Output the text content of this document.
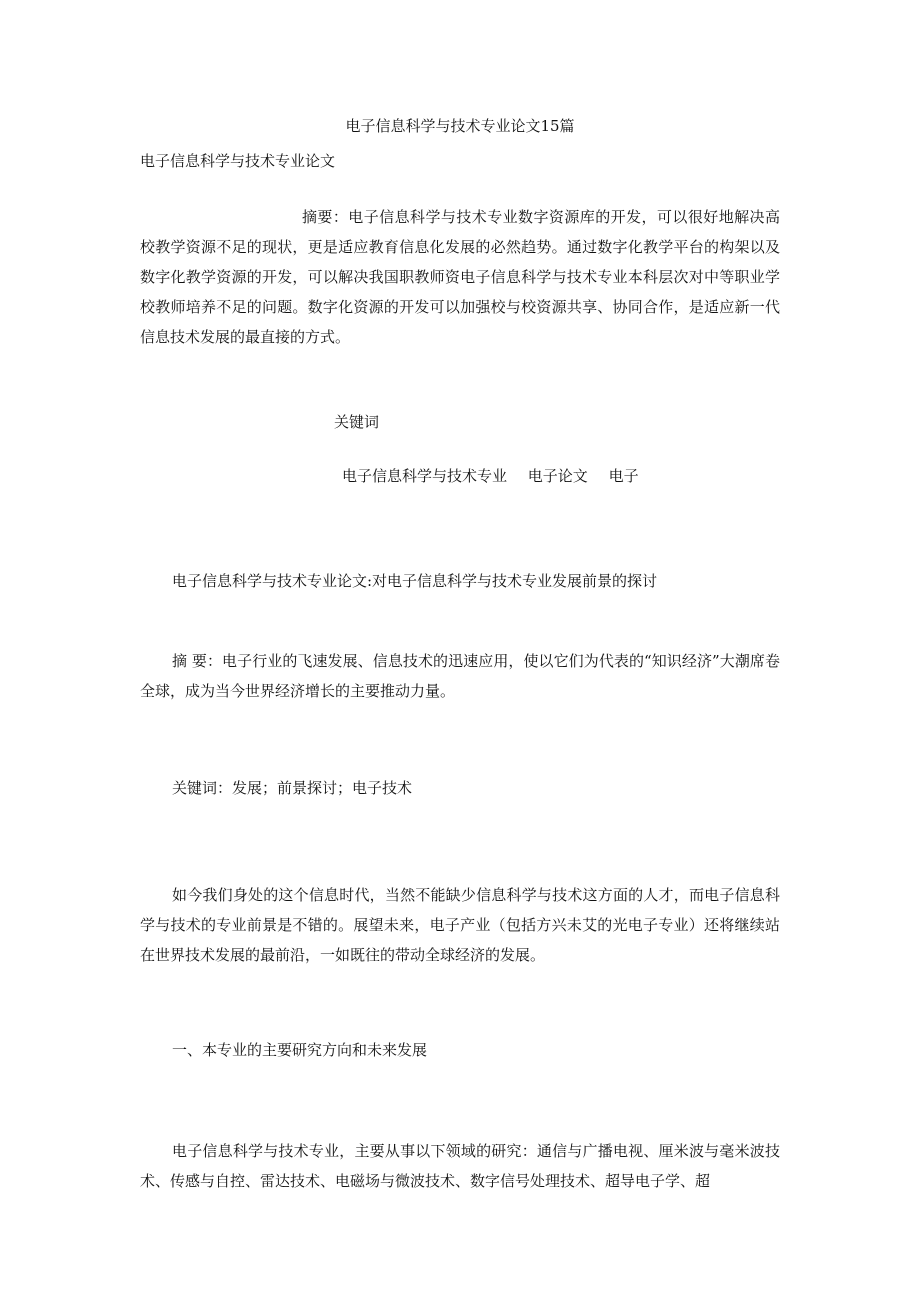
电子信息科学与技术专业论文15篇
电子信息科学与技术专业论文
摘要：电子信息科学与技术专业数字资源库的开发，可以很好地解决高校教学资源不足的现状，更是适应教育信息化发展的必然趋势。通过数字化教学平台的构架以及数字化教学资源的开发，可以解决我国职教师资电子信息科学与技术专业本科层次对中等职业学校教师培养不足的问题。数字化资源的开发可以加强校与校资源共享、协同合作，是适应新一代信息技术发展的最直接的方式。
关键词
电子信息科学与技术专业 电子论文 电子
电子信息科学与技术专业论文:对电子信息科学与技术专业发展前景的探讨
摘 要：电子行业的飞速发展、信息技术的迅速应用，使以它们为代表的“知识经济”大潮席卷全球，成为当今世界经济增长的主要推动力量。
关键词：发展；前景探讨；电子技术
如今我们身处的这个信息时代，当然不能缺少信息科学与技术这方面的人才，而电子信息科学与技术的专业前景是不错的。展望未来，电子产业（包括方兴未艾的光电子专业）还将继续站在世界技术发展的最前沿，一如既往的带动全球经济的发展。
一、本专业的主要研究方向和未来发展
电子信息科学与技术专业，主要从事以下领域的研究：通信与广播电视、厘米波与毫米波技术、传感与自控、雷达技术、电磁场与微波技术、数字信号处理技术、超导电子学、超
